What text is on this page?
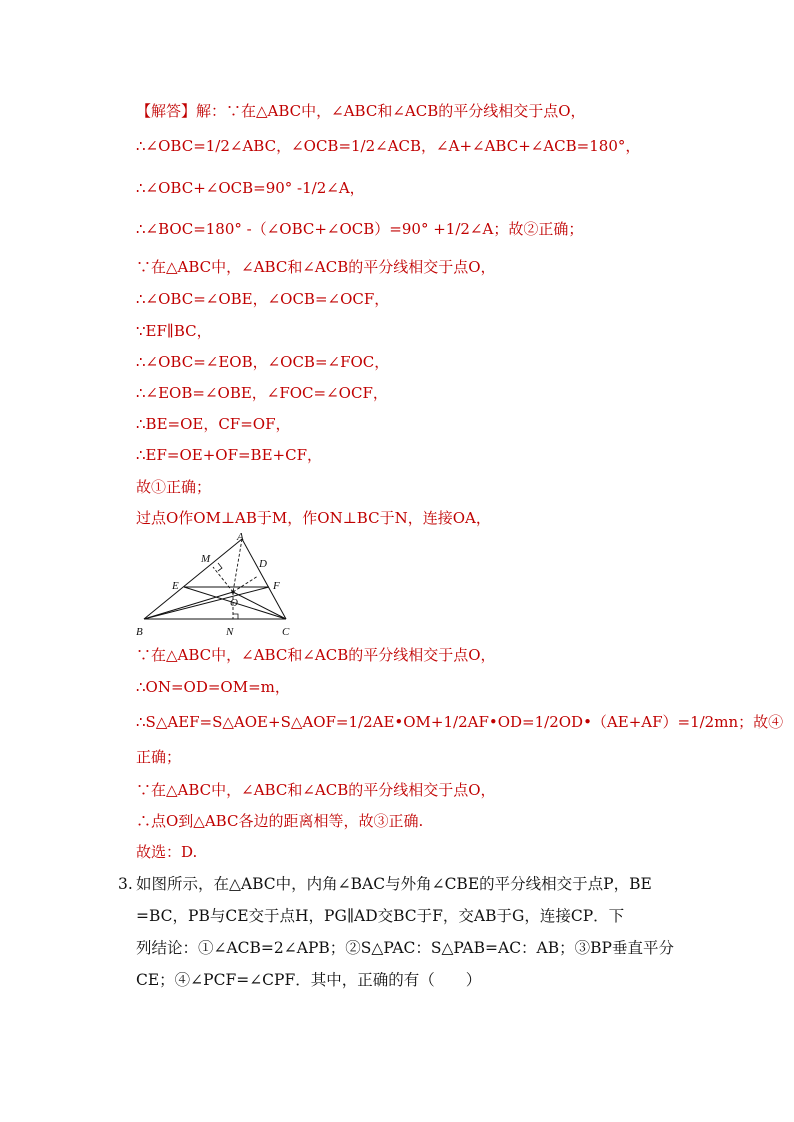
【解答】解：∵在△ABC中，∠ABC和∠ACB的平分线相交于点O，
∴∠OBC=1/2∠ABC，∠OCB=1/2∠ACB，∠A+∠ABC+∠ACB=180°，
∴∠OBC+∠OCB=90° -1/2∠A，
∴∠BOC=180° -（∠OBC+∠OCB）=90° +1/2∠A；故②正确；
∵在△ABC中，∠ABC和∠ACB的平分线相交于点O，
∴∠OBC=∠OBE，∠OCB=∠OCF，
∵EF∥BC，
∴∠OBC=∠EOB，∠OCB=∠FOC，
∴∠EOB=∠OBE，∠FOC=∠OCF，
∴BE=OE，CF=OF，
∴EF=OE+OF=BE+CF，
故①正确；
过点O作OM⊥AB于M，作ON⊥BC于N，连接OA，
A
B	C
D
E	F
M
N
O
∵在△ABC中，∠ABC和∠ACB的平分线相交于点O，
∴ON=OD=OM=m，
∴S△AEF=S△AOE+S△AOF=1/2AE•OM+1/2AF•OD=1/2OD•（AE+AF）=1/2mn；故④
正确；
∵在△ABC中，∠ABC和∠ACB的平分线相交于点O，
∴点O到△ABC各边的距离相等，故③正确.
故选：D.
3. 如图所示，在△ABC中，内角∠BAC与外角∠CBE的平分线相交于点P，BE
=BC，PB与CE交于点H，PG∥AD交BC于F，交AB于G，连接CP．下
列结论：①∠ACB=2∠APB；②S△PAC：S△PAB=AC：AB；③BP垂直平分
CE；④∠PCF=∠CPF．其中，正确的有（　　）
